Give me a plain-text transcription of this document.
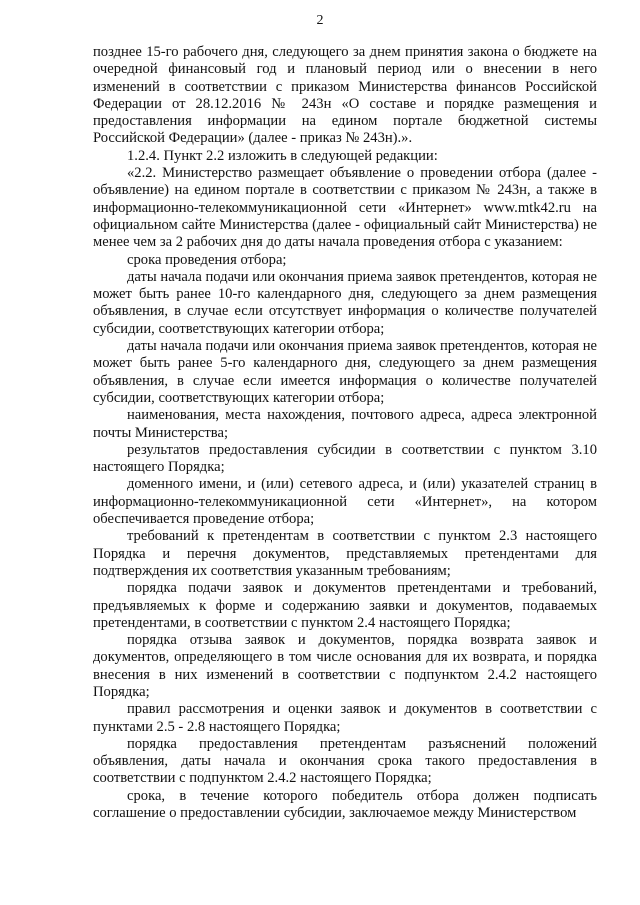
2

позднее 15-го рабочего дня, следующего за днем принятия закона о бюджете на очередной финансовый год и плановый период или о внесении в него изменений в соответствии с приказом Министерства финансов Российской Федерации от 28.12.2016 № 243н «О составе и порядке размещения и предоставления информации на едином портале бюджетной системы Российской Федерации» (далее - приказ № 243н).».

1.2.4. Пункт 2.2 изложить в следующей редакции:

«2.2. Министерство размещает объявление о проведении отбора (далее - объявление) на едином портале в соответствии с приказом № 243н, а также в информационно-телекоммуникационной сети «Интернет» www.mtk42.ru на официальном сайте Министерства (далее - официальный сайт Министерства) не менее чем за 2 рабочих дня до даты начала проведения отбора с указанием:

срока проведения отбора;

даты начала подачи или окончания приема заявок претендентов, которая не может быть ранее 10-го календарного дня, следующего за днем размещения объявления, в случае если отсутствует информация о количестве получателей субсидии, соответствующих категории отбора;

даты начала подачи или окончания приема заявок претендентов, которая не может быть ранее 5-го календарного дня, следующего за днем размещения объявления, в случае если имеется информация о количестве получателей субсидии, соответствующих категории отбора;

наименования, места нахождения, почтового адреса, адреса электронной почты Министерства;

результатов предоставления субсидии в соответствии с пунктом 3.10 настоящего Порядка;

доменного имени, и (или) сетевого адреса, и (или) указателей страниц в информационно-телекоммуникационной сети «Интернет», на котором обеспечивается проведение отбора;

требований к претендентам в соответствии с пунктом 2.3 настоящего Порядка и перечня документов, представляемых претендентами для подтверждения их соответствия указанным требованиям;

порядка подачи заявок и документов претендентами и требований, предъявляемых к форме и содержанию заявки и документов, подаваемых претендентами, в соответствии с пунктом 2.4 настоящего Порядка;

порядка отзыва заявок и документов, порядка возврата заявок и документов, определяющего в том числе основания для их возврата, и порядка внесения в них изменений в соответствии с подпунктом 2.4.2 настоящего Порядка;

правил рассмотрения и оценки заявок и документов в соответствии с пунктами 2.5 - 2.8 настоящего Порядка;

порядка предоставления претендентам разъяснений положений объявления, даты начала и окончания срока такого предоставления в соответствии с подпунктом 2.4.2 настоящего Порядка;

срока, в течение которого победитель отбора должен подписать соглашение о предоставлении субсидии, заключаемое между Министерством
